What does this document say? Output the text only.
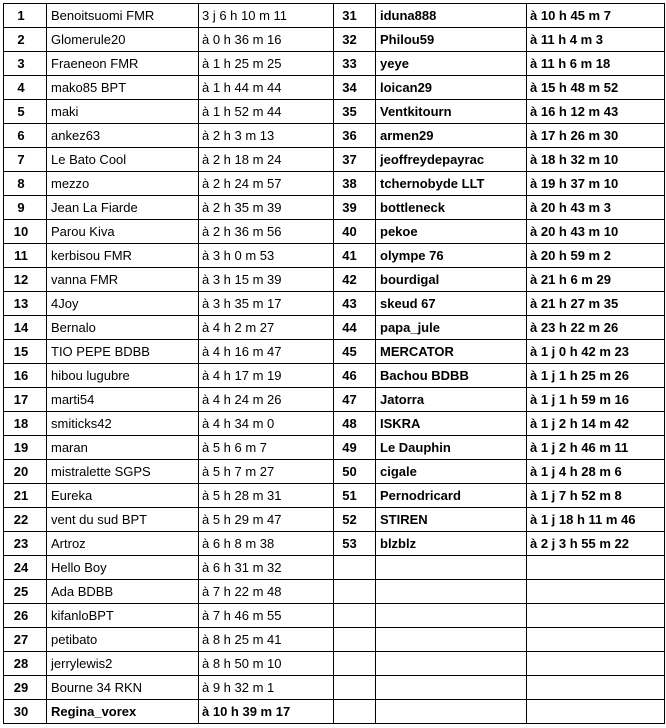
1	Benoitsuomi FMR	3 j 6 h 10 m 11	31	iduna888	à 10 h 45 m 7
2	Glomerule20	à 0 h 36 m 16	32	Philou59	à 11 h 4 m 3
3	Fraeneon FMR	à 1 h 25 m 25	33	yeye	à 11 h 6 m 18
4	mako85 BPT	à 1 h 44 m 44	34	loican29	à 15 h 48 m 52
5	maki	à 1 h 52 m 44	35	Ventkitourn	à 16 h 12 m 43
6	ankez63	à 2 h 3 m 13	36	armen29	à 17 h 26 m 30
7	Le Bato Cool	à 2 h 18 m 24	37	jeoffreydepayrac	à 18 h 32 m 10
8	mezzo	à 2 h 24 m 57	38	tchernobyde LLT	à 19 h 37 m 10
9	Jean La Fiarde	à 2 h 35 m 39	39	bottleneck	à 20 h 43 m 3
10	Parou Kiva	à 2 h 36 m 56	40	pekoe	à 20 h 43 m 10
11	kerbisou FMR	à 3 h 0 m 53	41	olympe 76	à 20 h 59 m 2
12	vanna FMR	à 3 h 15 m 39	42	bourdigal	à 21 h 6 m 29
13	4Joy	à 3 h 35 m 17	43	skeud 67	à 21 h 27 m 35
14	Bernalo	à 4 h 2 m 27	44	papa_jule	à 23 h 22 m 26
15	TIO PEPE BDBB	à 4 h 16 m 47	45	MERCATOR	à 1 j 0 h 42 m 23
16	hibou lugubre	à 4 h 17 m 19	46	Bachou BDBB	à 1 j 1 h 25 m 26
17	marti54	à 4 h 24 m 26	47	Jatorra	à 1 j 1 h 59 m 16
18	smiticks42	à 4 h 34 m 0	48	ISKRA	à 1 j 2 h 14 m 42
19	maran	à 5 h 6 m 7	49	Le Dauphin	à 1 j 2 h 46 m 11
20	mistralette SGPS	à 5 h 7 m 27	50	cigale	à 1 j 4 h 28 m 6
21	Eureka	à 5 h 28 m 31	51	Pernodricard	à 1 j 7 h 52 m 8
22	vent du sud BPT	à 5 h 29 m 47	52	STIREN	à 1 j 18 h 11 m 46
23	Artroz	à 6 h 8 m 38	53	blzblz	à 2 j 3 h 55 m 22
24	Hello Boy	à 6 h 31 m 32			
25	Ada BDBB	à 7 h 22 m 48			
26	kifanloBPT	à 7 h 46 m 55			
27	petibato	à 8 h 25 m 41			
28	jerrylewis2	à 8 h 50 m 10			
29	Bourne 34 RKN	à 9 h 32 m 1			
30	Regina_vorex	à 10 h 39 m 17			
